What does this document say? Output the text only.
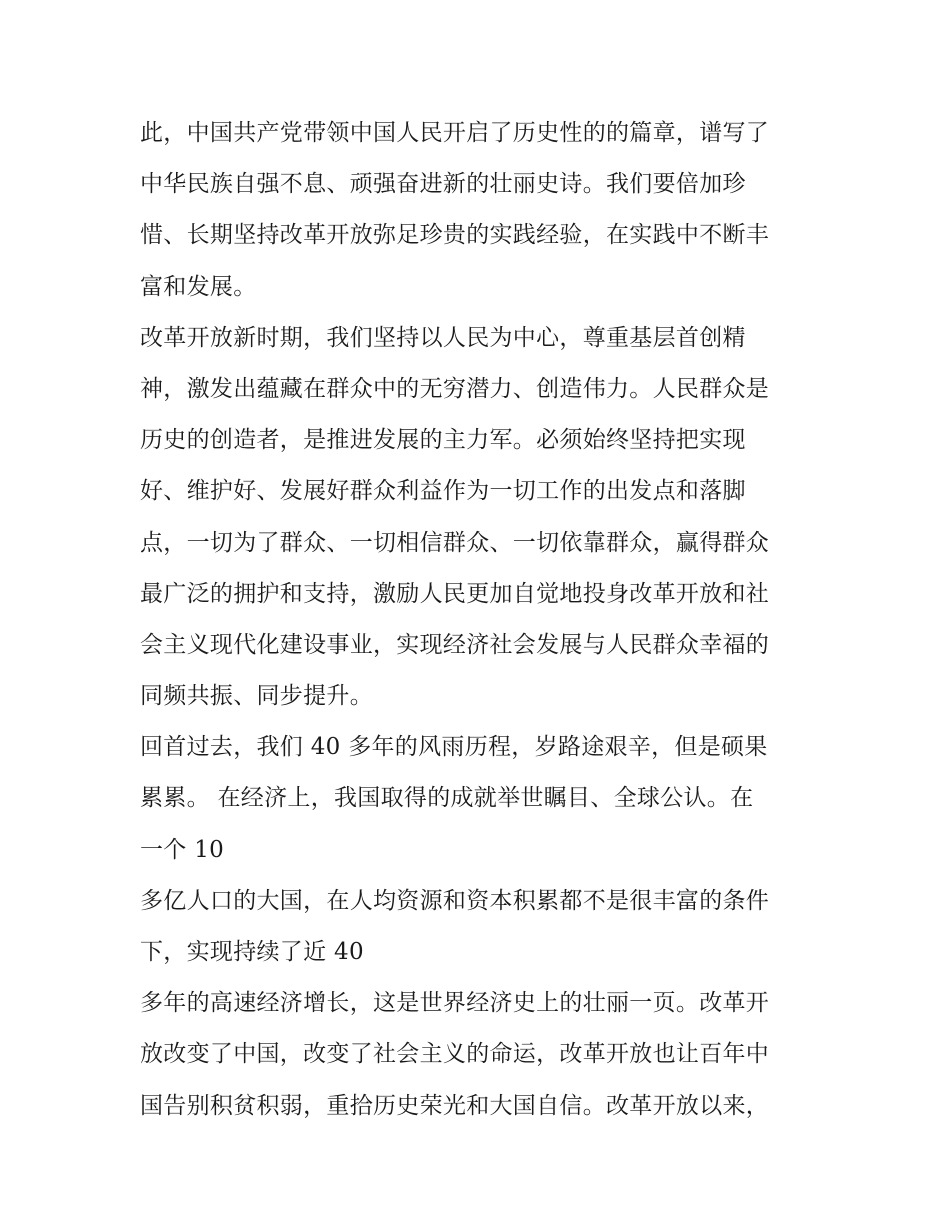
此，中国共产党带领中国人民开启了历史性的的篇章，谱写了
中华民族自强不息、顽强奋进新的壮丽史诗。我们要倍加珍
惜、长期坚持改革开放弥足珍贵的实践经验，在实践中不断丰
富和发展。
改革开放新时期，我们坚持以人民为中心，尊重基层首创精
神，激发出蕴藏在群众中的无穷潜力、创造伟力。人民群众是
历史的创造者，是推进发展的主力军。必须始终坚持把实现
好、维护好、发展好群众利益作为一切工作的出发点和落脚
点，一切为了群众、一切相信群众、一切依靠群众，赢得群众
最广泛的拥护和支持，激励人民更加自觉地投身改革开放和社
会主义现代化建设事业，实现经济社会发展与人民群众幸福的
同频共振、同步提升。
回首过去，我们 40 多年的风雨历程，岁路途艰辛，但是硕果
累累。 在经济上，我国取得的成就举世瞩目、全球公认。在
一个 10
多亿人口的大国，在人均资源和资本积累都不是很丰富的条件
下，实现持续了近 40
多年的高速经济增长，这是世界经济史上的壮丽一页。改革开
放改变了中国，改变了社会主义的命运，改革开放也让百年中
国告别积贫积弱，重拾历史荣光和大国自信。改革开放以来，
